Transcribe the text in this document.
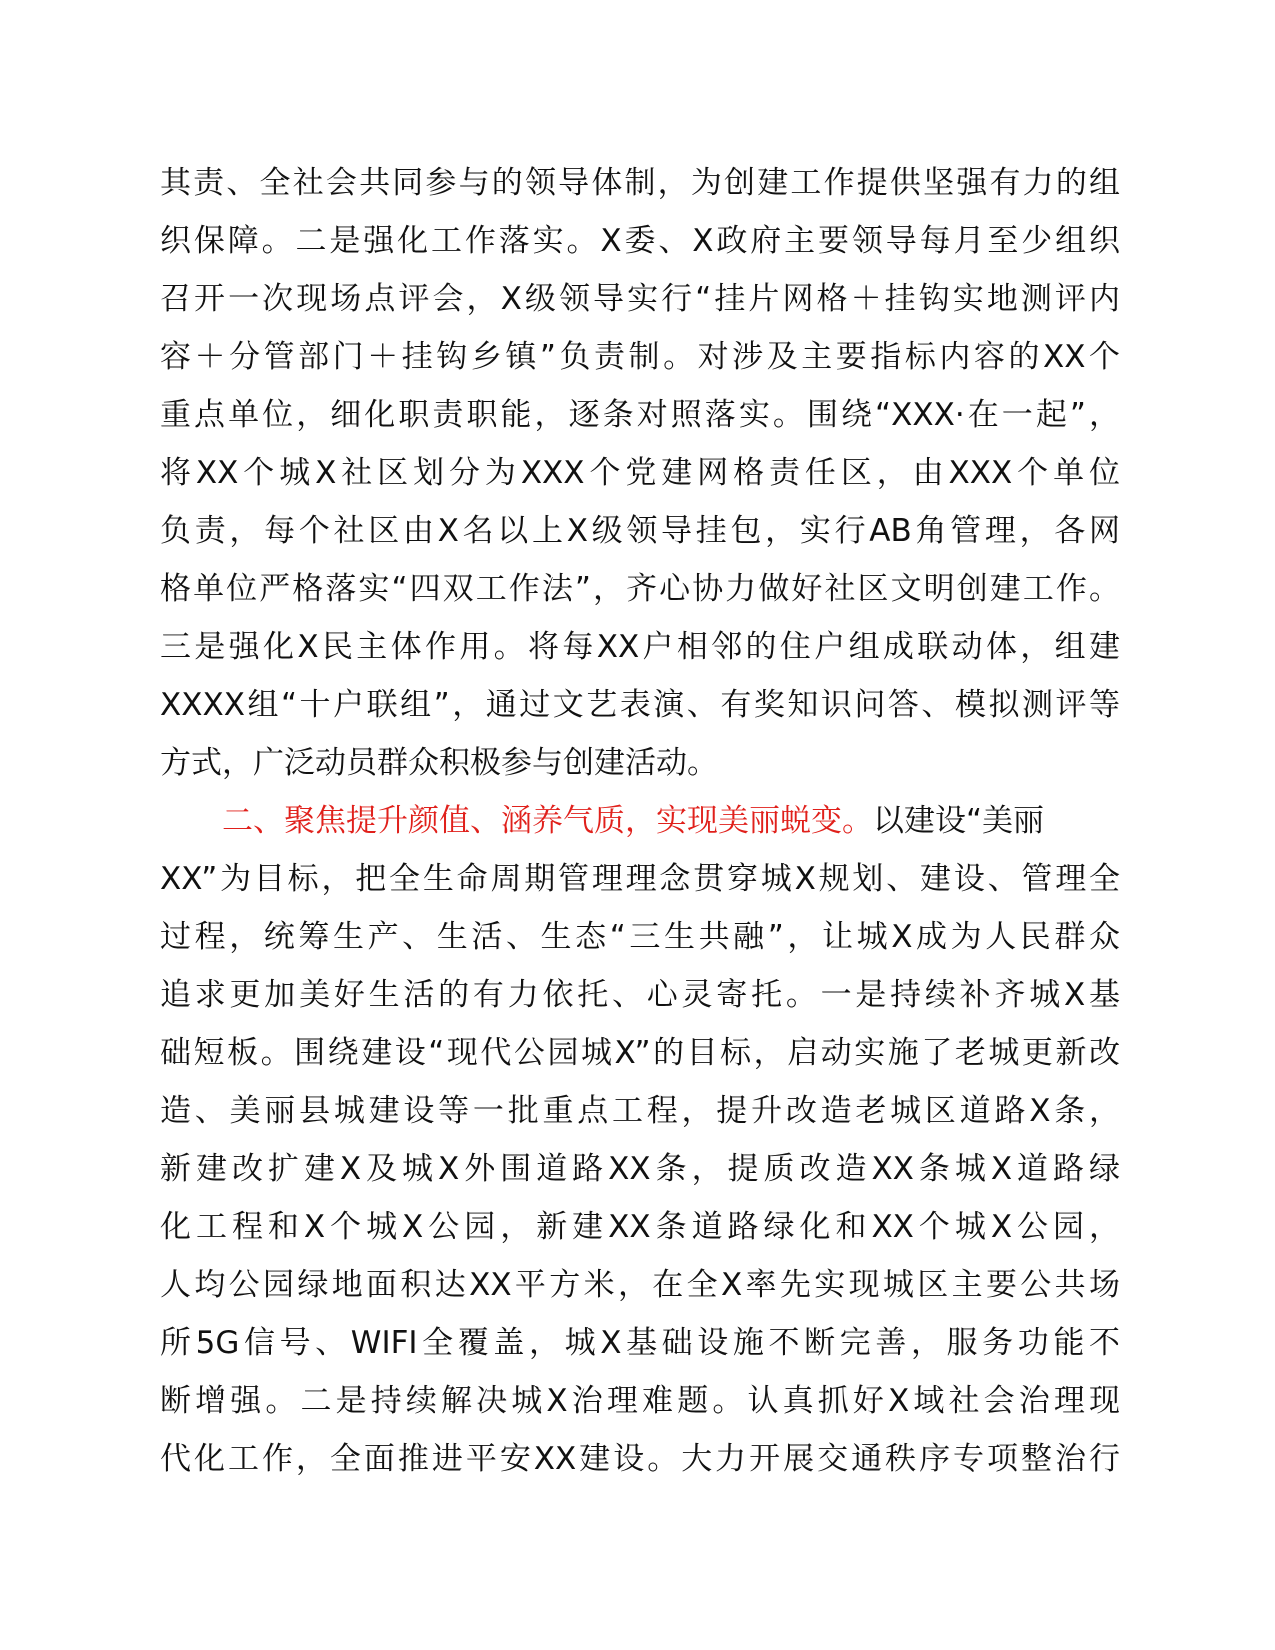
其责、全社会共同参与的领导体制，为创建工作提供坚强有力的组
织保障。二是强化工作落实。X委、X政府主要领导每月至少组织
召开一次现场点评会，X级领导实行“挂片网格＋挂钩实地测评内
容＋分管部门＋挂钩乡镇”负责制。对涉及主要指标内容的XX个
重点单位，细化职责职能，逐条对照落实。围绕“XXX·在一起”，
将XX个城X社区划分为XXX个党建网格责任区，由XXX个单位
负责，每个社区由X名以上X级领导挂包，实行AB角管理，各网
格单位严格落实“四双工作法”，齐心协力做好社区文明创建工作。
三是强化X民主体作用。将每XX户相邻的住户组成联动体，组建
XXXX组“十户联组”，通过文艺表演、有奖知识问答、模拟测评等
方式，广泛动员群众积极参与创建活动。
二、聚焦提升颜值、涵养气质，实现美丽蜕变。以建设“美丽
XX”为目标，把全生命周期管理理念贯穿城X规划、建设、管理全
过程，统筹生产、生活、生态“三生共融”，让城X成为人民群众
追求更加美好生活的有力依托、心灵寄托。一是持续补齐城X基
础短板。围绕建设“现代公园城X”的目标，启动实施了老城更新改
造、美丽县城建设等一批重点工程，提升改造老城区道路X条，
新建改扩建X及城X外围道路XX条，提质改造XX条城X道路绿
化工程和X个城X公园，新建XX条道路绿化和XX个城X公园，
人均公园绿地面积达XX平方米，在全X率先实现城区主要公共场
所5G信号、WIFI全覆盖，城X基础设施不断完善，服务功能不
断增强。二是持续解决城X治理难题。认真抓好X域社会治理现
代化工作，全面推进平安XX建设。大力开展交通秩序专项整治行
